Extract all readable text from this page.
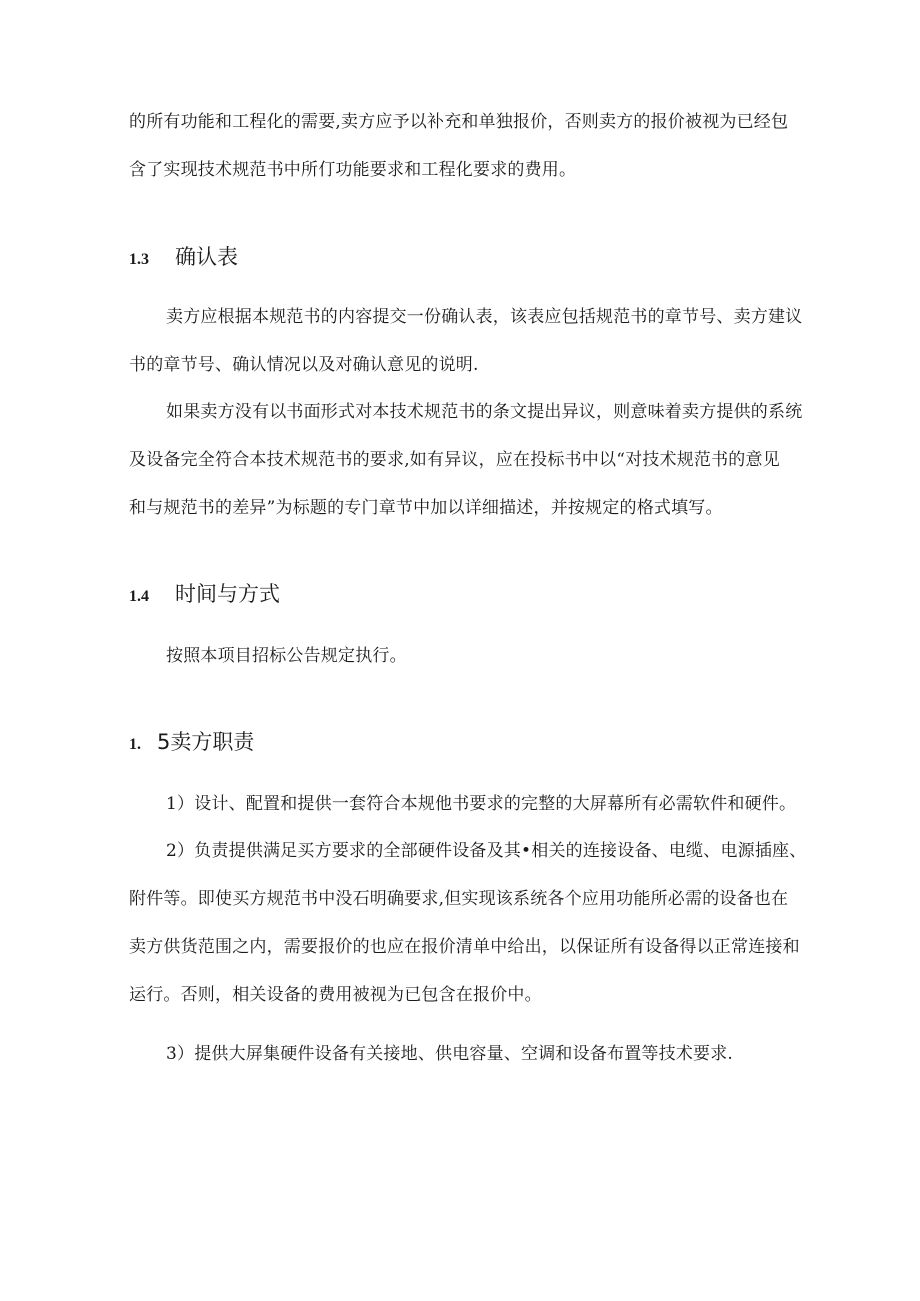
的所有功能和工程化的需要,卖方应予以补充和单独报价，否则卖方的报价被视为已经包
含了实现技术规范书中所仃功能要求和工程化要求的费用。
1.3 确认表
卖方应根据本规范书的内容提交一份确认表，该表应包括规范书的章节号、卖方建议
书的章节号、确认情况以及对确认意见的说明.
如果卖方没有以书面形式对本技术规范书的条文提出异议，则意味着卖方提供的系统
及设备完全符合本技术规范书的要求,如有异议，应在投标书中以“对技术规范书的意见
和与规范书的差异”为标题的专门章节中加以详细描述，并按规定的格式填写。
1.4 时间与方式
按照本项目招标公告规定执行。
1. 5卖方职责
1）设计、配置和提供一套符合本规他书要求的完整的大屏幕所有必需软件和硬件。
2）负责提供满足买方要求的全部硬件设备及其•相关的连接设备、电缆、电源插座、
附件等。即使买方规范书中没石明确要求,但实现该系统各个应用功能所必需的设备也在
卖方供货范围之内，需要报价的也应在报价清单中给出，以保证所有设备得以正常连接和
运行。否则，相关设备的费用被视为已包含在报价中。
3）提供大屏集硬件设备有关接地、供电容量、空调和设备布置等技术要求.
